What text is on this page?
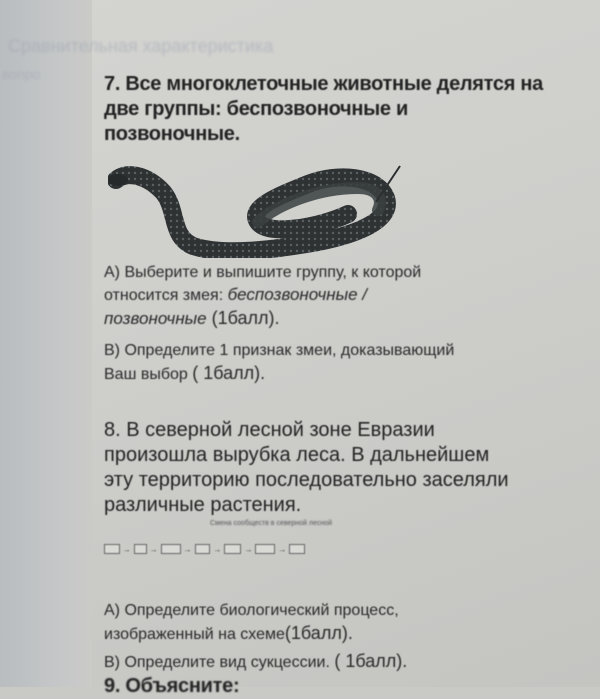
Сравнительная характеристика
вопро	7. Все многоклеточные животные делятся на две группы: беспозвоночные и позвоночные.
А) Выберите и выпишите группу, к которой
относится змея: беспозвоночные /
позвоночные (1балл).
В) Определите 1 признак змеи, доказывающий
Ваш выбор ( 1балл).
8. В северной лесной зоне Евразии
произошла вырубка леса. В дальнейшем
эту территорию последовательно заселяли
различные растения.
Смена сообществ в северной лесной
​ →
→
	→
	→
	→
	→

А) Определите биологический процесс,
изображенный на схеме(1балл).
В) Определите вид сукцессии. ( 1балл).
9. Объясните:
